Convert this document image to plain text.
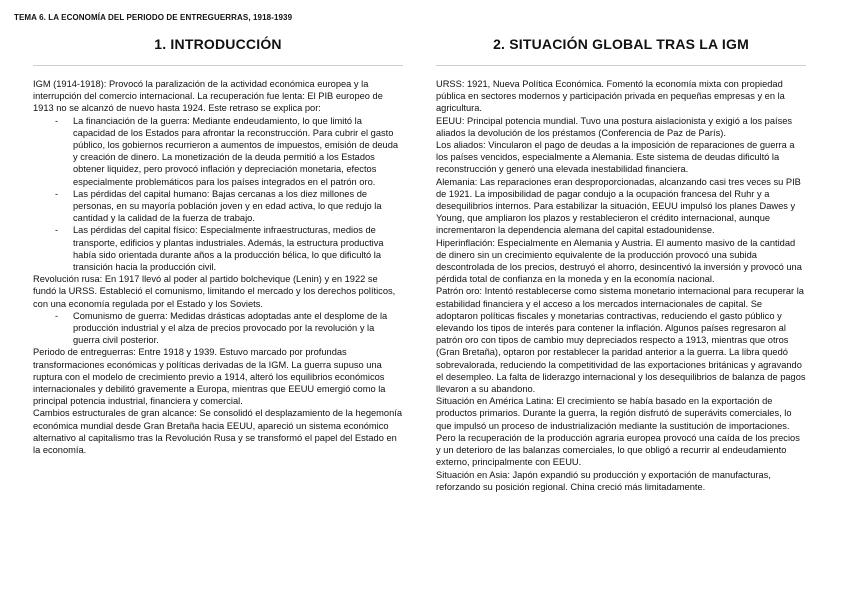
TEMA 6. LA ECONOMÍA DEL PERIODO DE ENTREGUERRAS, 1918-1939
1. INTRODUCCIÓN

IGM (1914-1918): Provocó la paralización de la actividad económica europea y la interrupción del comercio internacional. La recuperación fue lenta: El PIB europeo de 1913 no se alcanzó de nuevo hasta 1924. Este retraso se explica por:

- La financiación de la guerra: Mediante endeudamiento, lo que limitó la capacidad de los Estados para afrontar la reconstrucción. Para cubrir el gasto público, los gobiernos recurrieron a aumentos de impuestos, emisión de deuda y creación de dinero. La monetización de la deuda permitió a los Estados obtener liquidez, pero provocó inflación y depreciación monetaria, efectos especialmente problemáticos para los países integrados en el patrón oro.
- Las pérdidas del capital humano: Bajas cercanas a los diez millones de personas, en su mayoría población joven y en edad activa, lo que redujo la cantidad y la calidad de la fuerza de trabajo.
- Las pérdidas del capital físico: Especialmente infraestructuras, medios de transporte, edificios y plantas industriales. Además, la estructura productiva había sido orientada durante años a la producción bélica, lo que dificultó la transición hacia la producción civil.

Revolución rusa: En 1917 llevó al poder al partido bolchevique (Lenin) y en 1922 se fundó la URSS. Estableció el comunismo, limitando el mercado y los derechos políticos, con una economía regulada por el Estado y los Soviets.

- Comunismo de guerra: Medidas drásticas adoptadas ante el desplome de la producción industrial y el alza de precios provocado por la revolución y la guerra civil posterior.

Periodo de entreguerras: Entre 1918 y 1939. Estuvo marcado por profundas transformaciones económicas y políticas derivadas de la IGM. La guerra supuso una ruptura con el modelo de crecimiento previo a 1914, alteró los equilibrios económicos internacionales y debilitó gravemente a Europa, mientras que EEUU emergió como la principal potencia industrial, financiera y comercial.

Cambios estructurales de gran alcance: Se consolidó el desplazamiento de la hegemonía económica mundial desde Gran Bretaña hacia EEUU, apareció un sistema económico alternativo al capitalismo tras la Revolución Rusa y se transformó el papel del Estado en la economía.

2. SITUACIÓN GLOBAL TRAS LA IGM

URSS: 1921, Nueva Política Económica. Fomentó la economía mixta con propiedad pública en sectores modernos y participación privada en pequeñas empresas y en la agricultura.

EEUU: Principal potencia mundial. Tuvo una postura aislacionista y exigió a los países aliados la devolución de los préstamos (Conferencia de Paz de París).

Los aliados: Vincularon el pago de deudas a la imposición de reparaciones de guerra a los países vencidos, especialmente a Alemania. Este sistema de deudas dificultó la reconstrucción y generó una elevada inestabilidad financiera.

Alemania: Las reparaciones eran desproporcionadas, alcanzando casi tres veces su PIB de 1921. La imposibilidad de pagar condujo a la ocupación francesa del Ruhr y a desequilibrios internos. Para estabilizar la situación, EEUU impulsó los planes Dawes y Young, que ampliaron los plazos y restablecieron el crédito internacional, aunque incrementaron la dependencia alemana del capital estadounidense.

Hiperinflación: Especialmente en Alemania y Austria. El aumento masivo de la cantidad de dinero sin un crecimiento equivalente de la producción provocó una subida descontrolada de los precios, destruyó el ahorro, desincentivó la inversión y provocó una pérdida total de confianza en la moneda y en la economía nacional.

Patrón oro: Intentó restablecerse como sistema monetario internacional para recuperar la estabilidad financiera y el acceso a los mercados internacionales de capital. Se adoptaron políticas fiscales y monetarias contractivas, reduciendo el gasto público y elevando los tipos de interés para contener la inflación. Algunos países regresaron al patrón oro con tipos de cambio muy depreciados respecto a 1913, mientras que otros (Gran Bretaña), optaron por restablecer la paridad anterior a la guerra. La libra quedó sobrevalorada, reduciendo la competitividad de las exportaciones británicas y agravando el desempleo. La falta de liderazgo internacional y los desequilibrios de balanza de pagos llevaron a su abandono.

Situación en América Latina: El crecimiento se había basado en la exportación de productos primarios. Durante la guerra, la región disfrutó de superávits comerciales, lo que impulsó un proceso de industrialización mediante la sustitución de importaciones. Pero la recuperación de la producción agraria europea provocó una caída de los precios y un deterioro de las balanzas comerciales, lo que obligó a recurrir al endeudamiento externo, principalmente con EEUU.

Situación en Asia: Japón expandió su producción y exportación de manufacturas, reforzando su posición regional. China creció más limitadamente.
